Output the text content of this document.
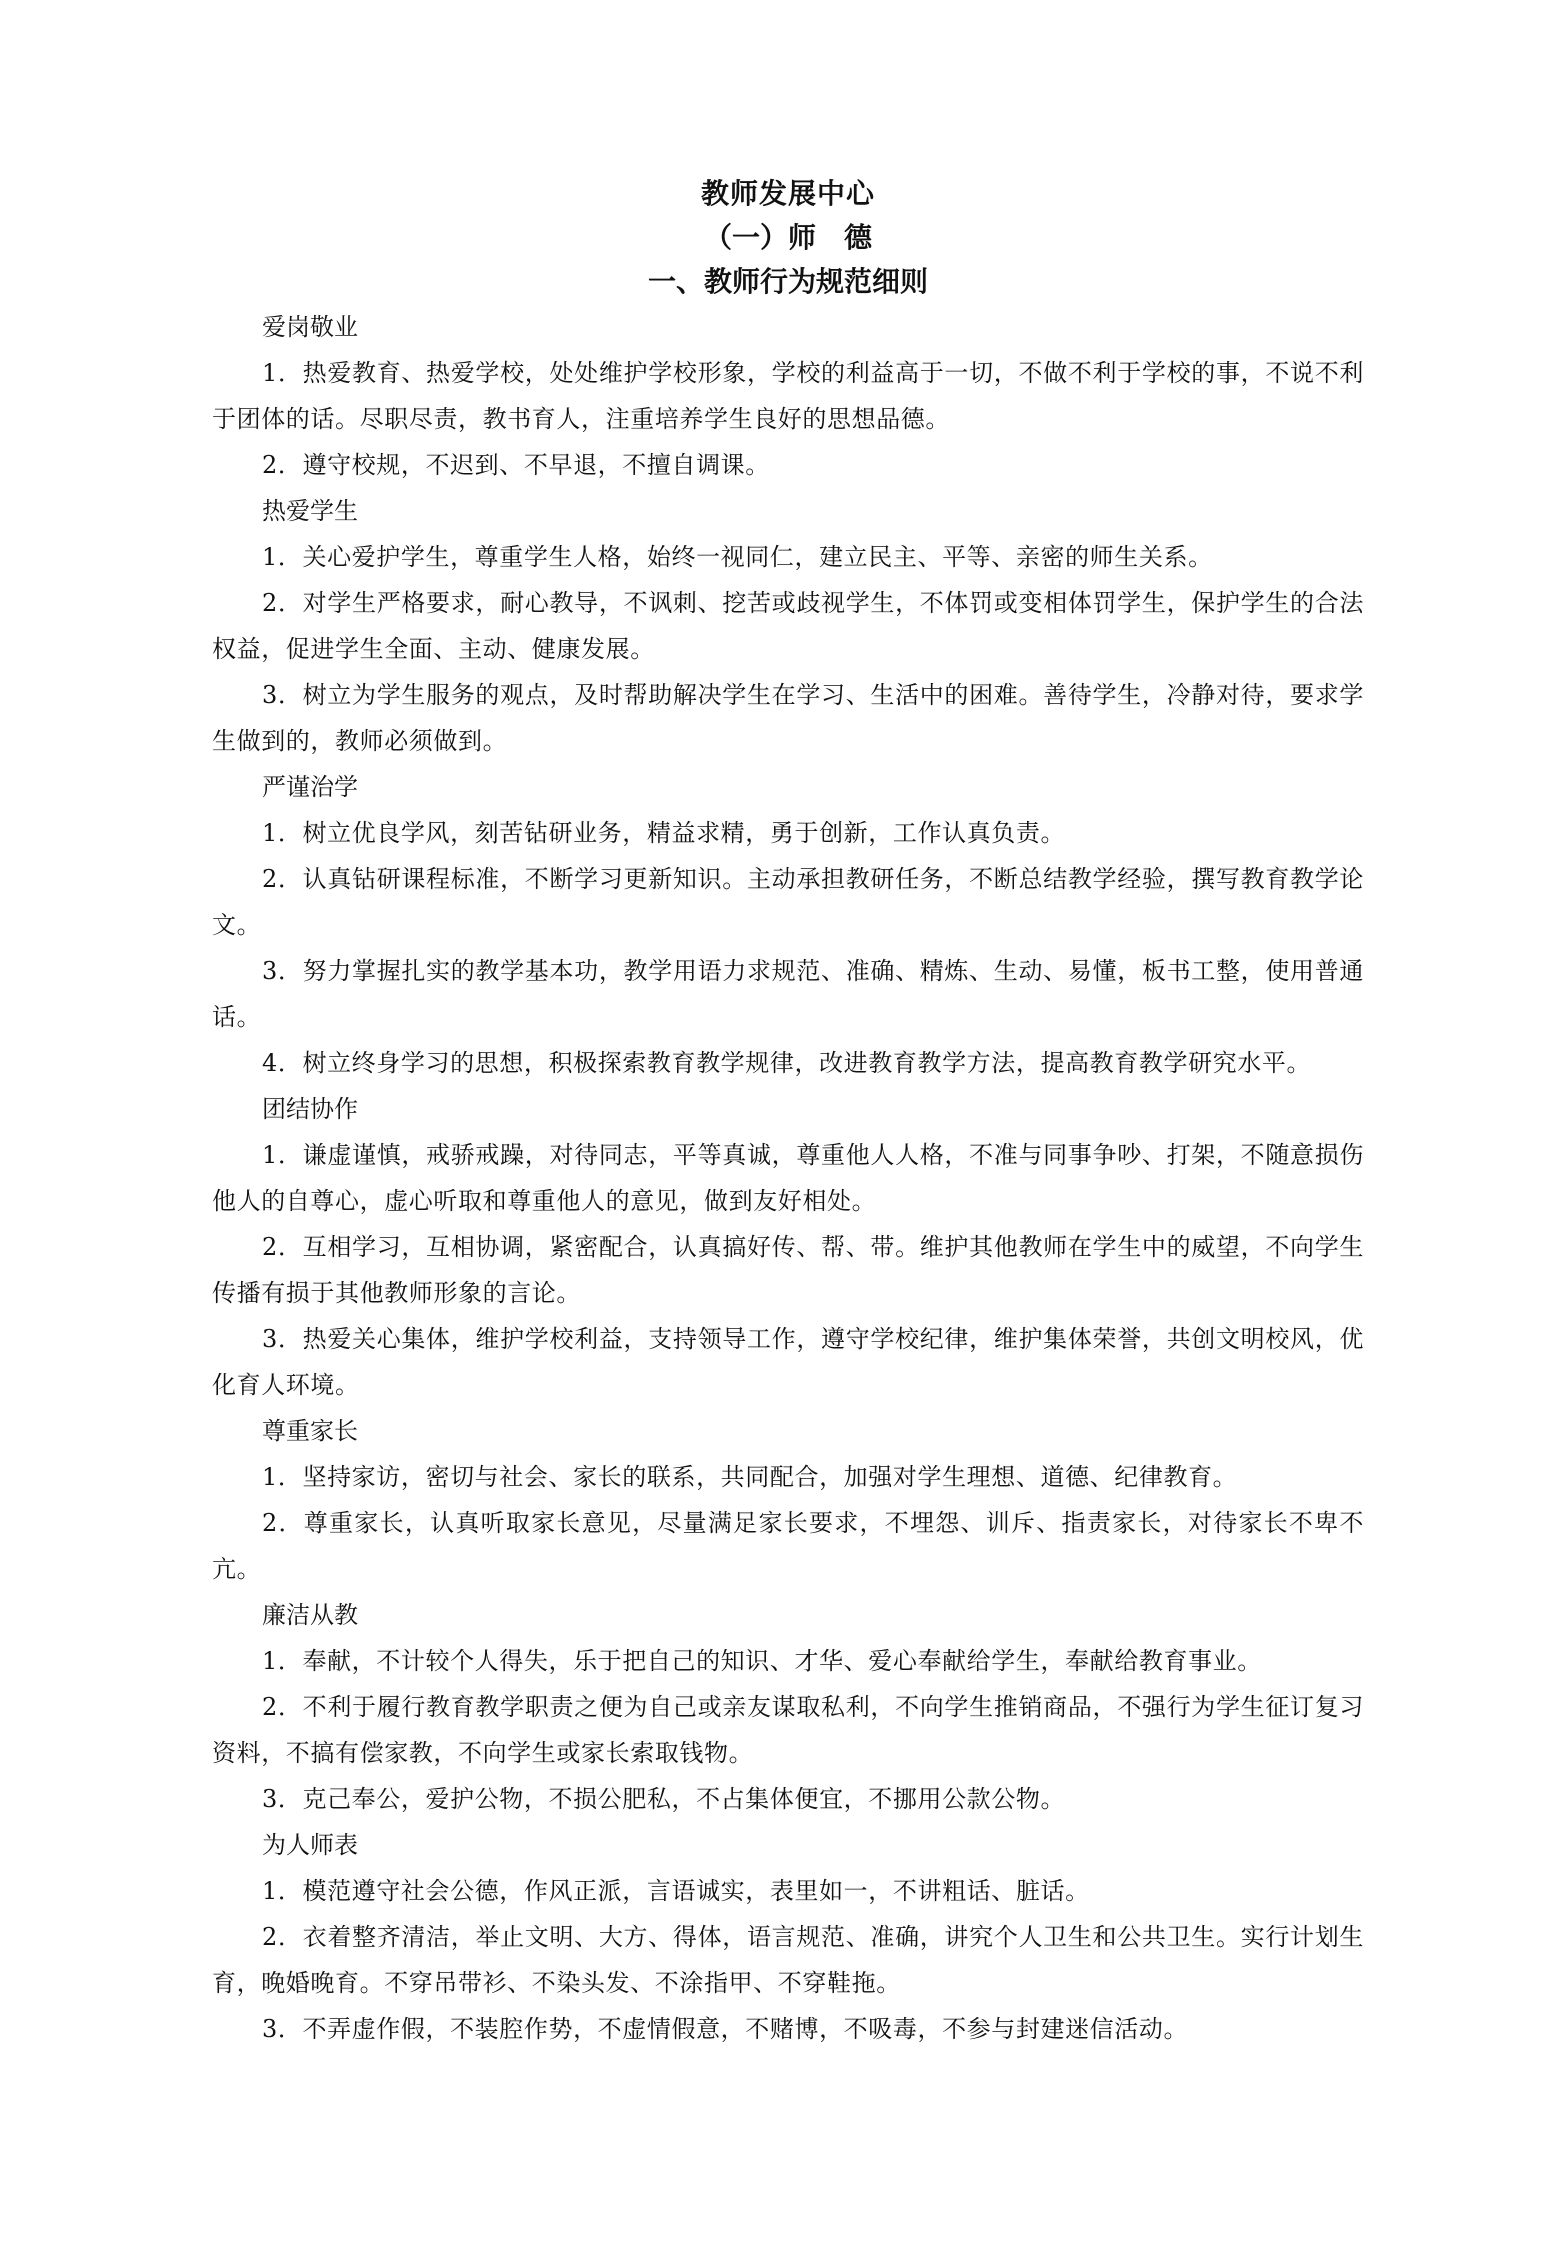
教师发展中心

（一）师　德

一、教师行为规范细则

爱岗敬业

1．热爱教育、热爱学校，处处维护学校形象，学校的利益高于一切，不做不利于学校的事，不说不利于团体的话。尽职尽责，教书育人，注重培养学生良好的思想品德。

2．遵守校规，不迟到、不早退，不擅自调课。

热爱学生

1．关心爱护学生，尊重学生人格，始终一视同仁，建立民主、平等、亲密的师生关系。

2．对学生严格要求，耐心教导，不讽刺、挖苦或歧视学生，不体罚或变相体罚学生，保护学生的合法权益，促进学生全面、主动、健康发展。

3．树立为学生服务的观点，及时帮助解决学生在学习、生活中的困难。善待学生，冷静对待，要求学生做到的，教师必须做到。

严谨治学

1．树立优良学风，刻苦钻研业务，精益求精，勇于创新，工作认真负责。

2．认真钻研课程标准，不断学习更新知识。主动承担教研任务，不断总结教学经验，撰写教育教学论文。

3．努力掌握扎实的教学基本功，教学用语力求规范、准确、精炼、生动、易懂，板书工整，使用普通话。

4．树立终身学习的思想，积极探索教育教学规律，改进教育教学方法，提高教育教学研究水平。

团结协作

1．谦虚谨慎，戒骄戒躁，对待同志，平等真诚，尊重他人人格，不准与同事争吵、打架，不随意损伤他人的自尊心，虚心听取和尊重他人的意见，做到友好相处。

2．互相学习，互相协调，紧密配合，认真搞好传、帮、带。维护其他教师在学生中的威望，不向学生传播有损于其他教师形象的言论。

3．热爱关心集体，维护学校利益，支持领导工作，遵守学校纪律，维护集体荣誉，共创文明校风，优化育人环境。

尊重家长

1．坚持家访，密切与社会、家长的联系，共同配合，加强对学生理想、道德、纪律教育。

2．尊重家长，认真听取家长意见，尽量满足家长要求，不埋怨、训斥、指责家长，对待家长不卑不亢。

廉洁从教

1．奉献，不计较个人得失，乐于把自己的知识、才华、爱心奉献给学生，奉献给教育事业。

2．不利于履行教育教学职责之便为自己或亲友谋取私利，不向学生推销商品，不强行为学生征订复习资料，不搞有偿家教，不向学生或家长索取钱物。

3．克己奉公，爱护公物，不损公肥私，不占集体便宜，不挪用公款公物。

为人师表

1．模范遵守社会公德，作风正派，言语诚实，表里如一，不讲粗话、脏话。

2．衣着整齐清洁，举止文明、大方、得体，语言规范、准确，讲究个人卫生和公共卫生。实行计划生育，晚婚晚育。不穿吊带衫、不染头发、不涂指甲、不穿鞋拖。

3．不弄虚作假，不装腔作势，不虚情假意，不赌博，不吸毒，不参与封建迷信活动。
